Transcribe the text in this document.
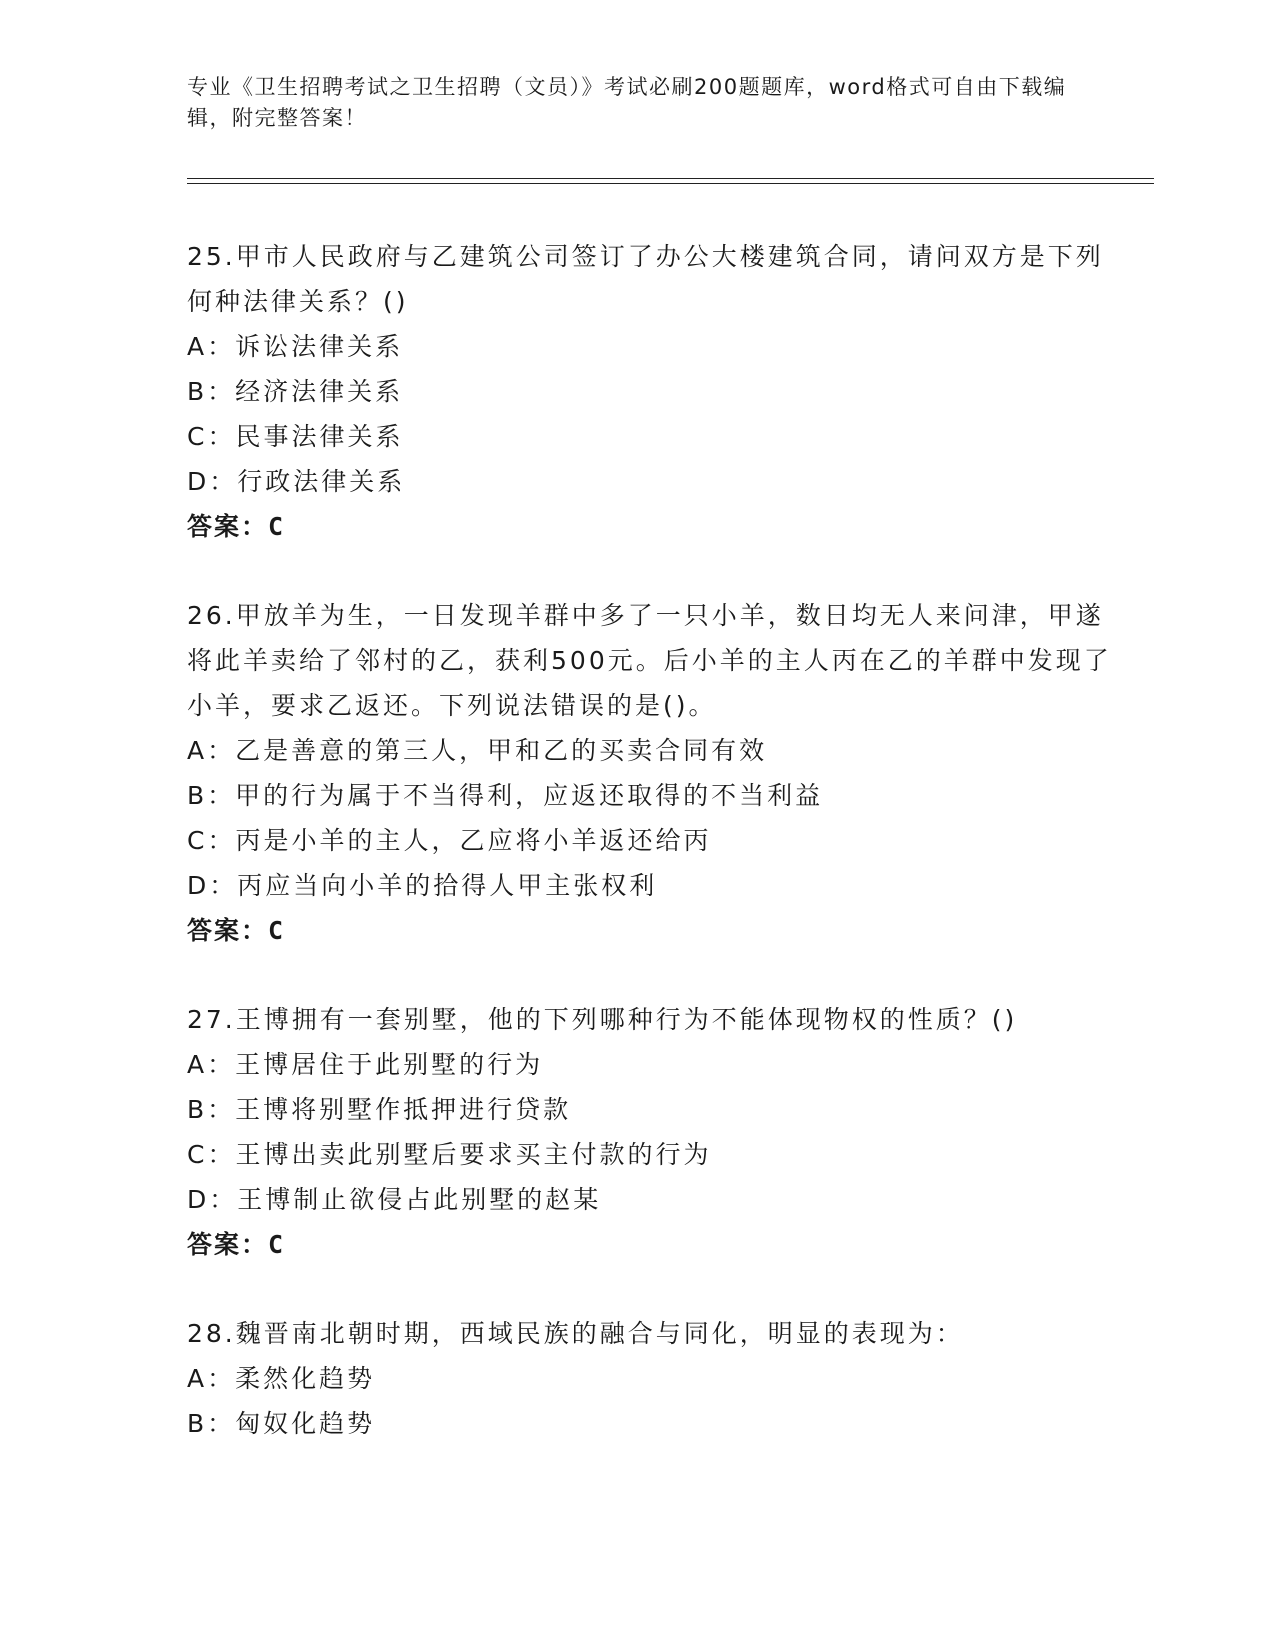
专业《卫生招聘考试之卫生招聘（文员）》考试必刷200题题库，word格式可自由下载编辑，附完整答案！

25.甲市人民政府与乙建筑公司签订了办公大楼建筑合同，请问双方是下列何种法律关系？()

A：诉讼法律关系
B：经济法律关系
C：民事法律关系
D：行政法律关系

答案：C

26.甲放羊为生，一日发现羊群中多了一只小羊，数日均无人来问津，甲遂将此羊卖给了邻村的乙，获利500元。后小羊的主人丙在乙的羊群中发现了小羊，要求乙返还。下列说法错误的是()。

A：乙是善意的第三人，甲和乙的买卖合同有效
B：甲的行为属于不当得利，应返还取得的不当利益
C：丙是小羊的主人，乙应将小羊返还给丙
D：丙应当向小羊的拾得人甲主张权利

答案：C

27.王博拥有一套别墅，他的下列哪种行为不能体现物权的性质？()

A：王博居住于此别墅的行为
B：王博将别墅作抵押进行贷款
C：王博出卖此别墅后要求买主付款的行为
D：王博制止欲侵占此别墅的赵某

答案：C

28.魏晋南北朝时期，西域民族的融合与同化，明显的表现为：

A：柔然化趋势
B：匈奴化趋势
